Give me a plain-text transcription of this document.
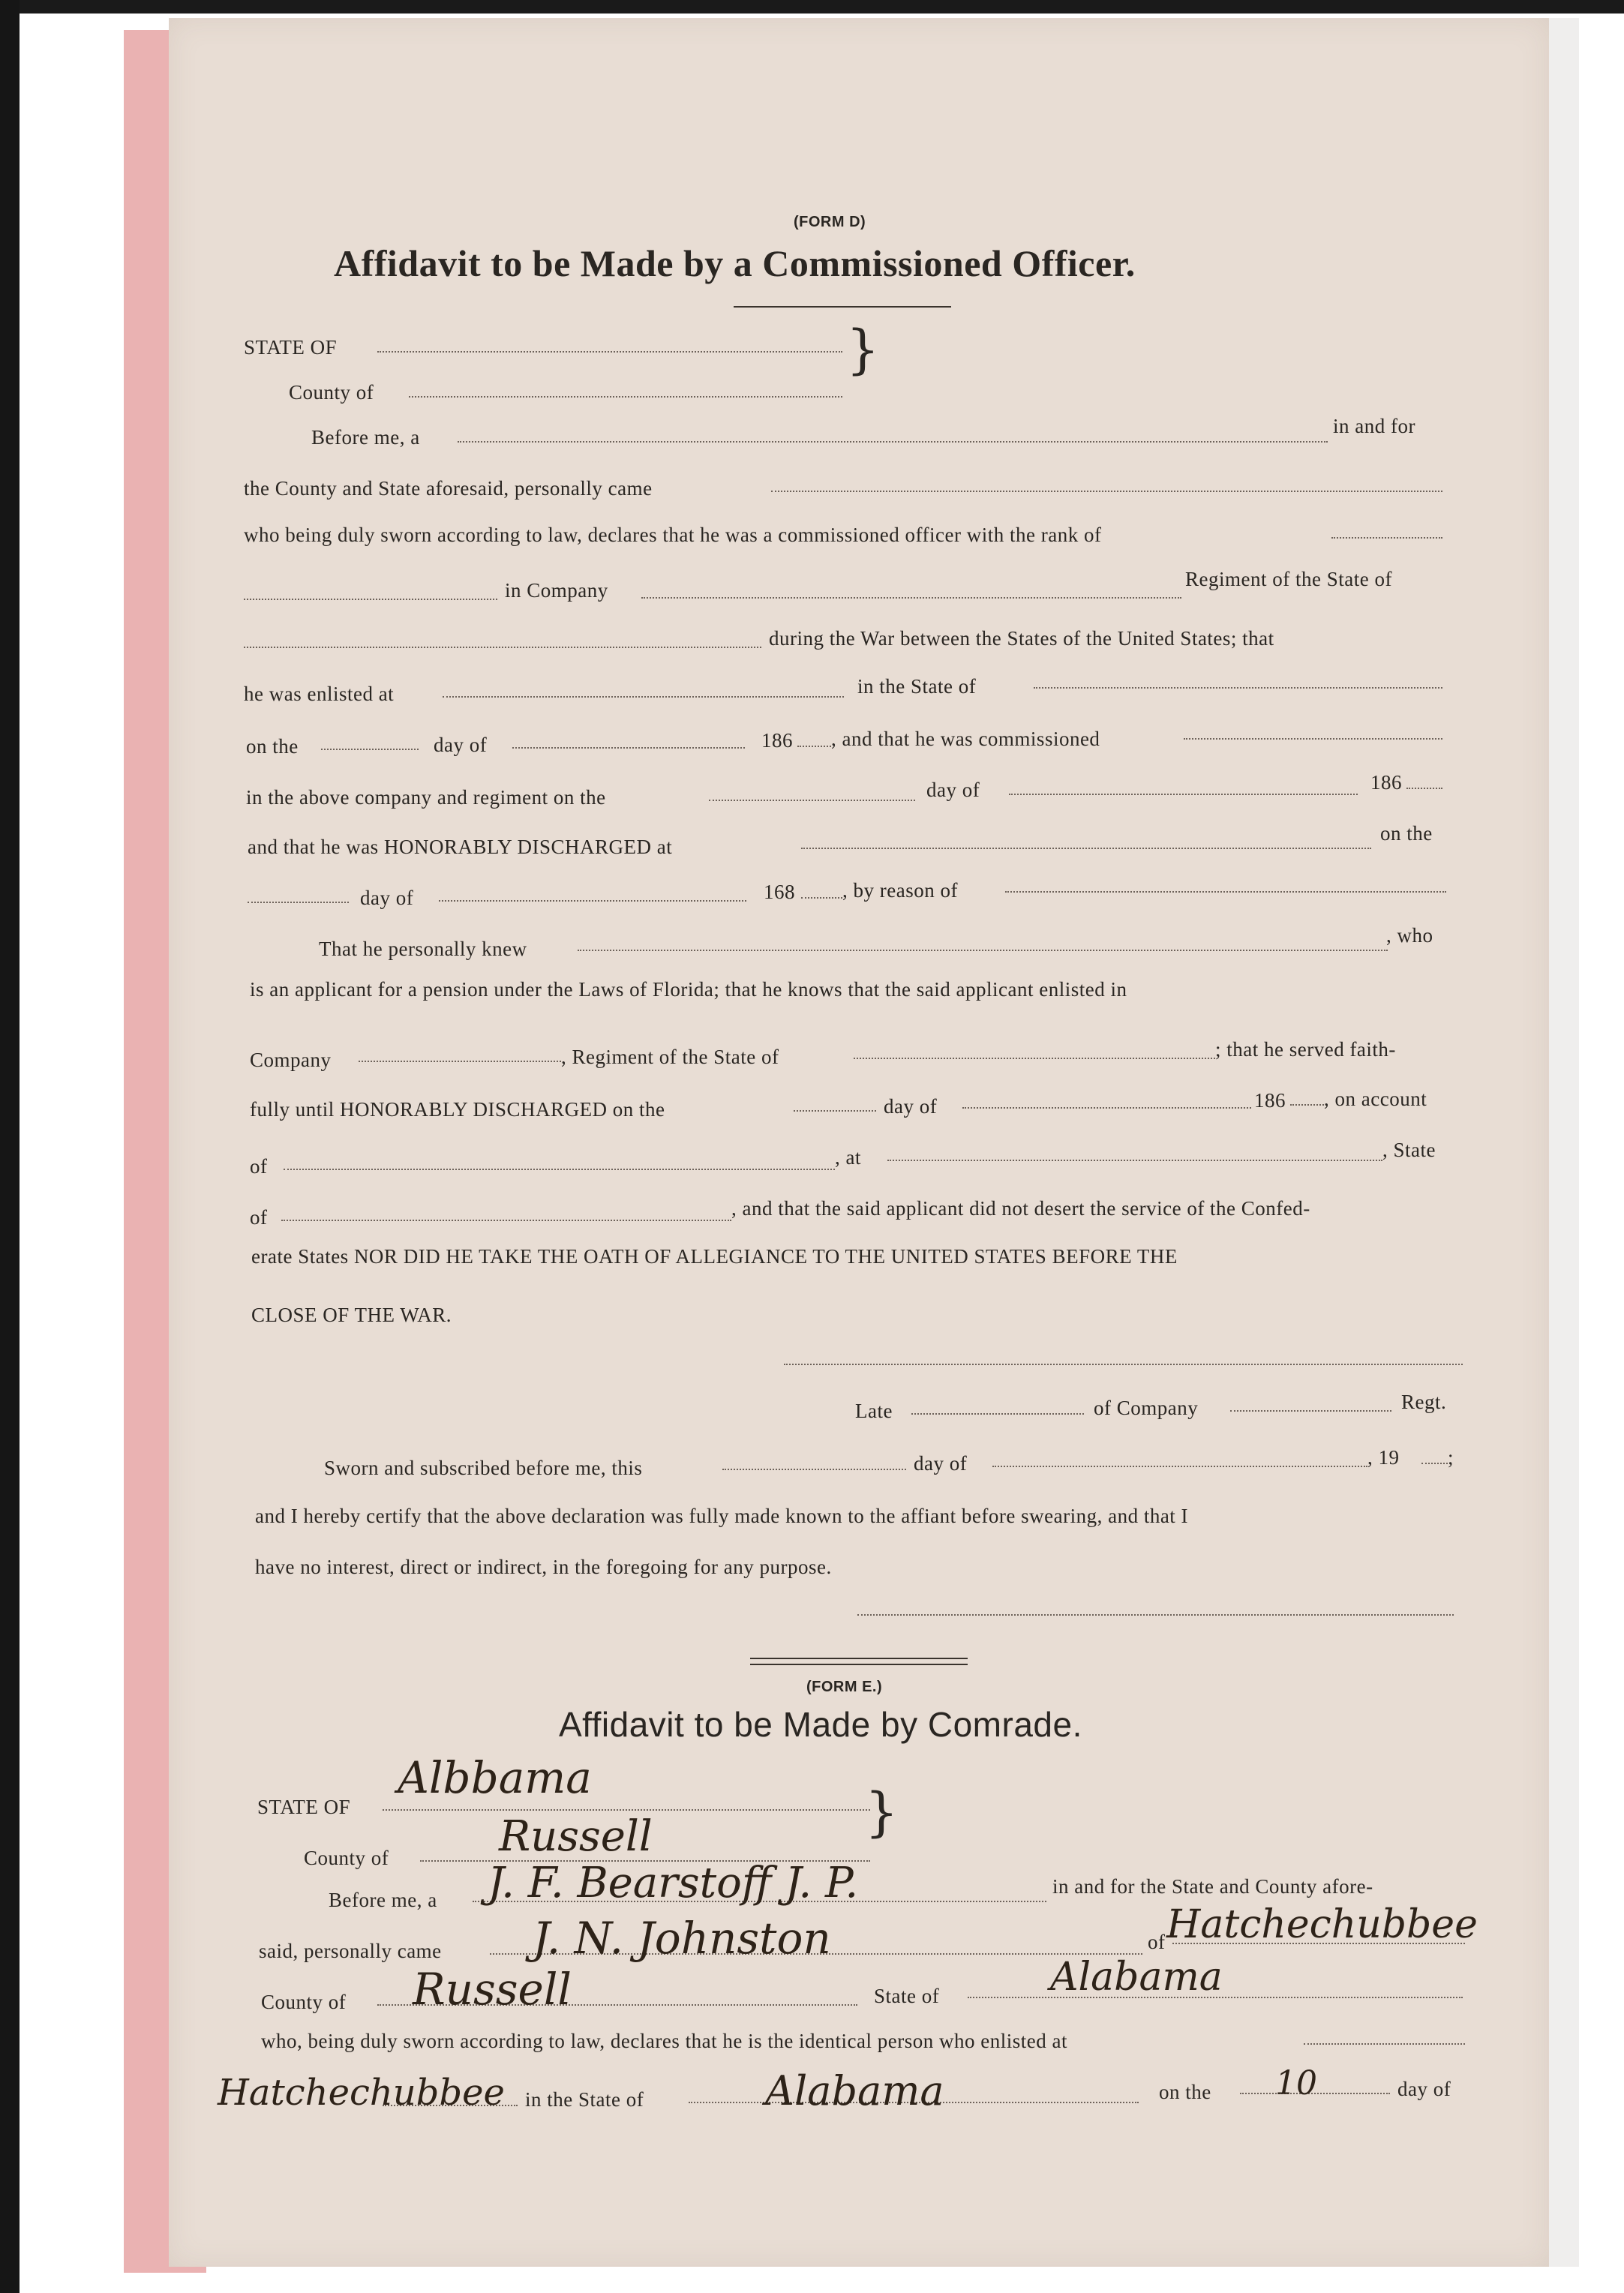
(FORM D)
Affidavit to be Made by a Commissioned Officer.
STATE OF
County of
}
Before me, a	in and for
the County and State aforesaid, personally came
who being duly sworn according to law, declares that he was a commissioned officer with the rank of
in Company	Regiment of the State of
during the War between the States of the United States; that
he was enlisted at	in the State of
on the	day of	186 , and that he was commissioned
in the above company and regiment on the	day of	186
and that he was HONORABLY DISCHARGED at
on the
day of	168 , by reason of
That he personally knew
, who
is an applicant for a pension under the Laws of Florida; that he knows that the said applicant enlisted in
Company	, Regiment of the State of	; that he served faith-
fully until HONORABLY DISCHARGED on the	day of	186 , on account
of	, at	, State
of	, and that the said applicant did not desert the service of the Confed-
erate States NOR DID HE TAKE THE OATH OF ALLEGIANCE TO THE UNITED STATES BEFORE THE
CLOSE OF THE WAR.
Late	of Company	Regt.
Sworn and subscribed before me, this	day of	, 19 ;
and I hereby certify that the above declaration was fully made known to the affiant before swearing, and that I
have no interest, direct or indirect, in the foregoing for any purpose.
(FORM E.)
Affidavit to be Made by Comrade.
STATE OF
County of
}
Before me, a
in and for the State and County afore-
said, personally came	of
County of	State of
who, being duly sworn according to law, declares that he is the identical person who enlisted at
in the State of	on the	day of
Albbama
Russell
J. F. Bearstoff J. P.
J. N. Johnston	Hatchechubbee
Russell	Alabama
Hatchechubbee	Alabama	10
